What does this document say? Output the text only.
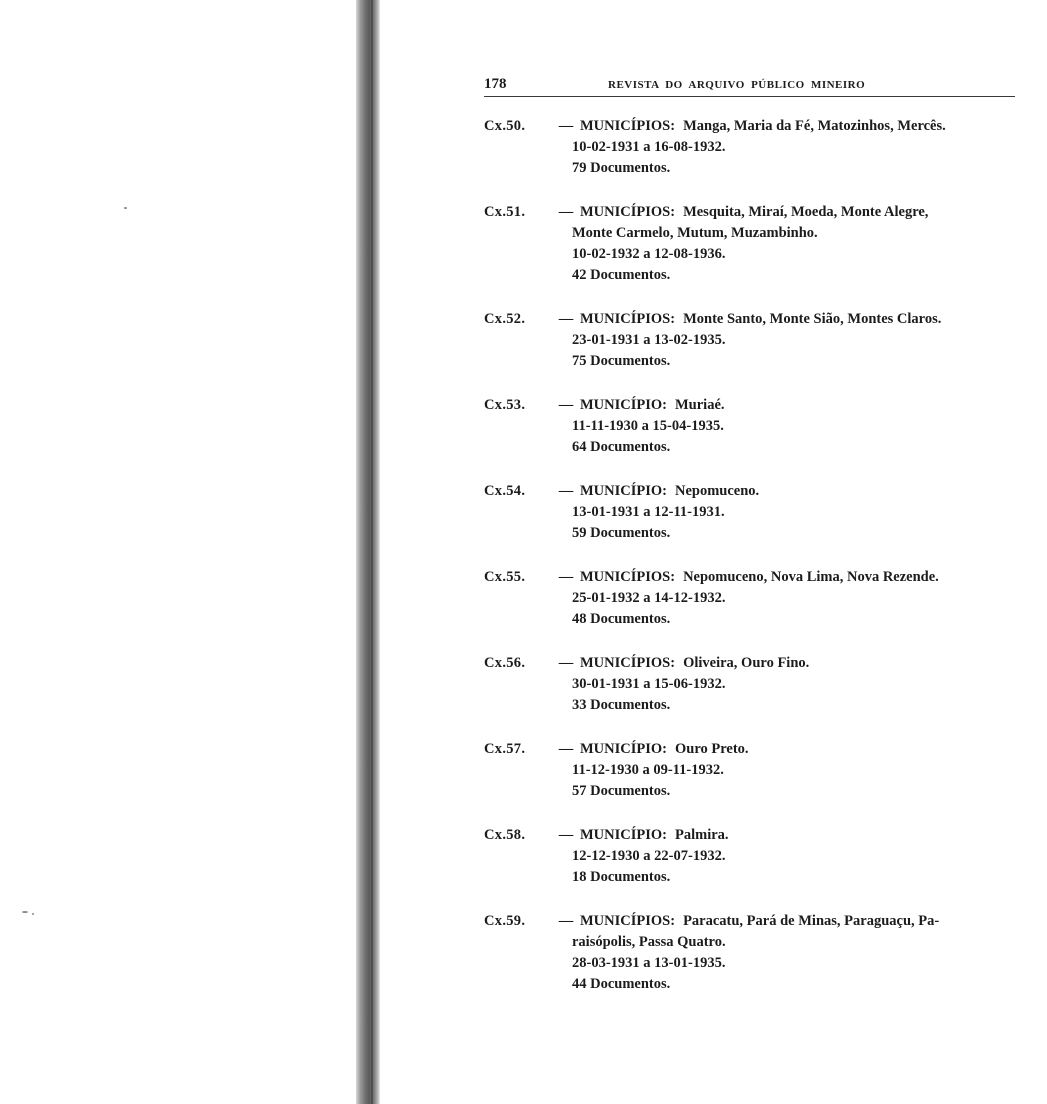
178	REVISTA DO ARQUIVO PÚBLICO MINEIRO
Cx.50.	— MUNICÍPIOS: Manga, Maria da Fé, Matozinhos, Mercês.
10-02-1931 a 16-08-1932.
79 Documentos.
Cx.51.	— MUNICÍPIOS: Mesquita, Miraí, Moeda, Monte Alegre,
Monte Carmelo, Mutum, Muzambinho.
10-02-1932 a 12-08-1936.
42 Documentos.
Cx.52.	— MUNICÍPIOS: Monte Santo, Monte Sião, Montes Claros.
23-01-1931 a 13-02-1935.
75 Documentos.
Cx.53.	— MUNICÍPIO: Muriaé.
11-11-1930 a 15-04-1935.
64 Documentos.
Cx.54.	— MUNICÍPIO: Nepomuceno.
13-01-1931 a 12-11-1931.
59 Documentos.
Cx.55.	— MUNICÍPIOS: Nepomuceno, Nova Lima, Nova Rezende.
25-01-1932 a 14-12-1932.
48 Documentos.
Cx.56.	— MUNICÍPIOS: Oliveira, Ouro Fino.
30-01-1931 a 15-06-1932.
33 Documentos.
Cx.57.	— MUNICÍPIO: Ouro Preto.
11-12-1930 a 09-11-1932.
57 Documentos.
Cx.58.	— MUNICÍPIO: Palmira.
12-12-1930 a 22-07-1932.
18 Documentos.
Cx.59.	— MUNICÍPIOS: Paracatu, Pará de Minas, Paraguaçu, Pa-
raisópolis, Passa Quatro.
28-03-1931 a 13-01-1935.
44 Documentos.
